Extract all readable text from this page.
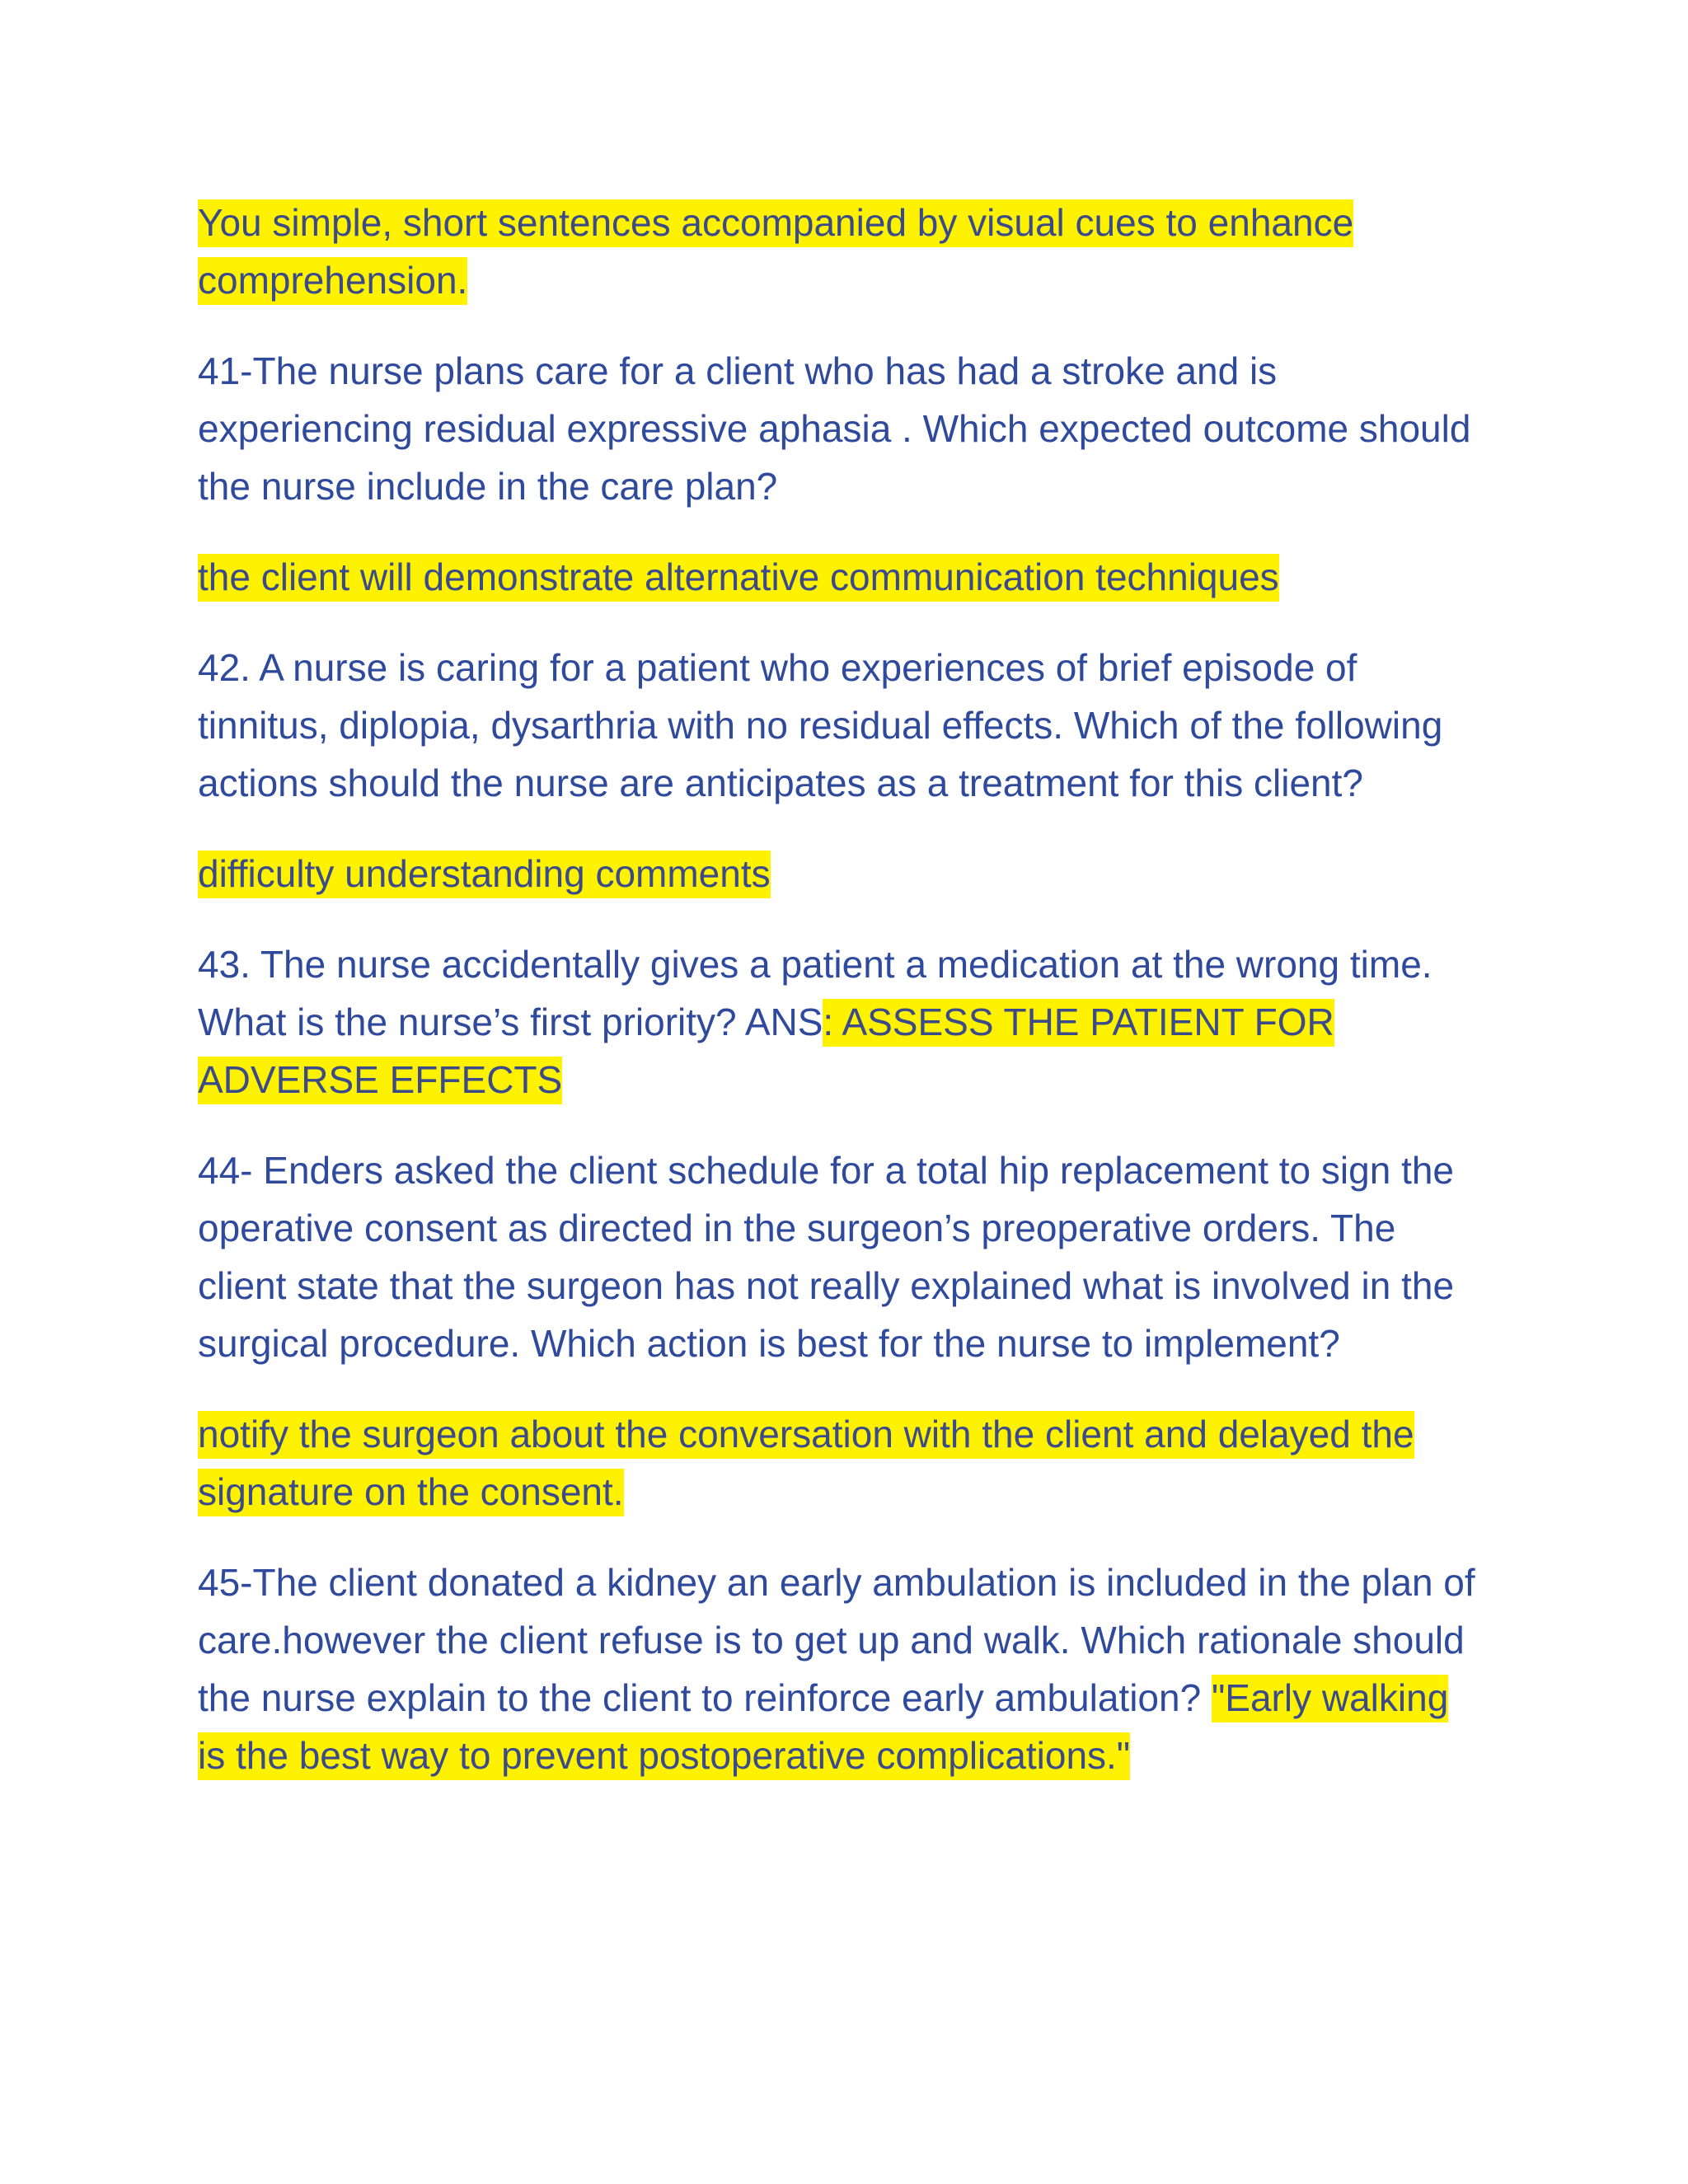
You simple, short sentences accompanied by visual cues to enhance comprehension.

41-The nurse plans care for a client who has had a stroke and is experiencing residual expressive aphasia . Which expected outcome should the nurse include in the care plan?

the client will demonstrate alternative communication techniques

42. A nurse is caring for a patient who experiences of brief episode of tinnitus, diplopia, dysarthria with no residual effects. Which of the following actions should the nurse are anticipates as a treatment for this client?

difficulty understanding comments

43. The nurse accidentally gives a patient a medication at the wrong time. What is the nurse’s first priority? ANS: ASSESS THE PATIENT FOR ADVERSE EFFECTS

44- Enders asked the client schedule for a total hip replacement to sign the operative consent as directed in the surgeon’s preoperative orders. The client state that the surgeon has not really explained what is involved in the surgical procedure. Which action is best for the nurse to implement?

notify the surgeon about the conversation with the client and delayed the signature on the consent.

45-The client donated a kidney an early ambulation is included in the plan of care.however the client refuse is to get up and walk. Which rationale should the nurse explain to the client to reinforce early ambulation? "Early walking is the best way to prevent postoperative complications."
